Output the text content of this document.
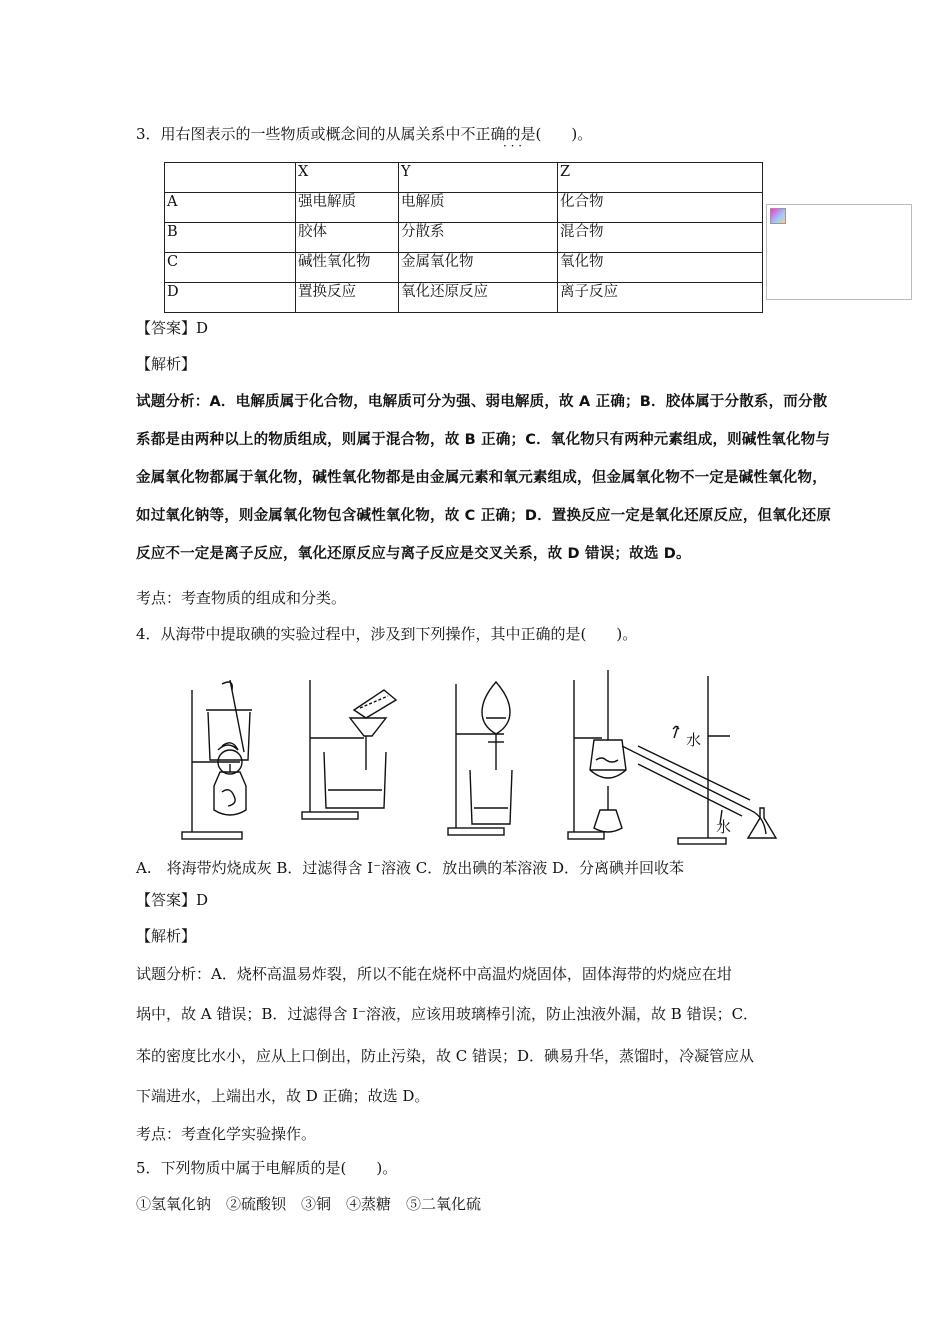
3．用右图表示的一些物质或概念间的从属关系中不正确的是(　　)。
· · ·
	X	Y	Z
A	强电解质	电解质	化合物
B	胶体	分散系	混合物
C	碱性氧化物	金属氧化物	氧化物
D	置换反应	氧化还原反应	离子反应
【答案】D
【解析】
试题分析：A．电解质属于化合物，电解质可分为强、弱电解质，故 A 正确；B．胶体属于分散系，而分散
系都是由两种以上的物质组成，则属于混合物，故 B 正确；C．氧化物只有两种元素组成，则碱性氧化物与
金属氧化物都属于氧化物，碱性氧化物都是由金属元素和氧元素组成，但金属氧化物不一定是碱性氧化物，
如过氧化钠等，则金属氧化物包含碱性氧化物，故 C 正确；D．置换反应一定是氧化还原反应，但氧化还原
反应不一定是离子反应，氧化还原反应与离子反应是交叉关系，故 D 错误；故选 D。
考点：考查物质的组成和分类。
4．从海带中提取碘的实验过程中，涉及到下列操作，其中正确的是(　　)。
水
水
A.　将海带灼烧成灰 B．过滤得含 I⁻溶液 C．放出碘的苯溶液 D．分离碘并回收苯
【答案】D
【解析】
试题分析：A．烧杯高温易炸裂，所以不能在烧杯中高温灼烧固体，固体海带的灼烧应在坩
埚中，故 A 错误；B．过滤得含 I⁻溶液，应该用玻璃棒引流，防止浊液外漏，故 B 错误；C．
苯的密度比水小，应从上口倒出，防止污染，故 C 错误；D．碘易升华，蒸馏时，冷凝管应从
下端进水，上端出水，故 D 正确；故选 D。
考点：考查化学实验操作。
5．下列物质中属于电解质的是(　　)。
①氢氧化钠　②硫酸钡　③铜　④蒸糖　⑤二氧化硫
